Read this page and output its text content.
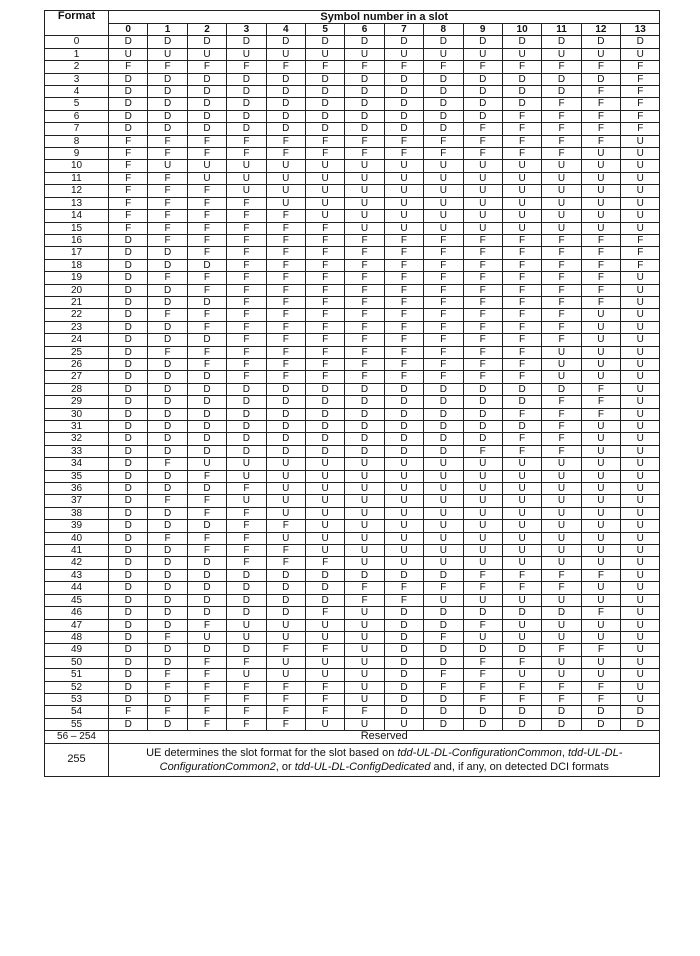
Format	Symbol number in a slot													
	0	1	2	3	4	5	6	7	8	9	10	11	12	13
0	D	D	D	D	D	D	D	D	D	D	D	D	D	D
1	U	U	U	U	U	U	U	U	U	U	U	U	U	U
2	F	F	F	F	F	F	F	F	F	F	F	F	F	F
3	D	D	D	D	D	D	D	D	D	D	D	D	D	F
4	D	D	D	D	D	D	D	D	D	D	D	D	F	F
5	D	D	D	D	D	D	D	D	D	D	D	F	F	F
6	D	D	D	D	D	D	D	D	D	D	F	F	F	F
7	D	D	D	D	D	D	D	D	D	F	F	F	F	F
8	F	F	F	F	F	F	F	F	F	F	F	F	F	U
9	F	F	F	F	F	F	F	F	F	F	F	F	U	U
10	F	U	U	U	U	U	U	U	U	U	U	U	U	U
11	F	F	U	U	U	U	U	U	U	U	U	U	U	U
12	F	F	F	U	U	U	U	U	U	U	U	U	U	U
13	F	F	F	F	U	U	U	U	U	U	U	U	U	U
14	F	F	F	F	F	U	U	U	U	U	U	U	U	U
15	F	F	F	F	F	F	U	U	U	U	U	U	U	U
16	D	F	F	F	F	F	F	F	F	F	F	F	F	F
17	D	D	F	F	F	F	F	F	F	F	F	F	F	F
18	D	D	D	F	F	F	F	F	F	F	F	F	F	F
19	D	F	F	F	F	F	F	F	F	F	F	F	F	U
20	D	D	F	F	F	F	F	F	F	F	F	F	F	U
21	D	D	D	F	F	F	F	F	F	F	F	F	F	U
22	D	F	F	F	F	F	F	F	F	F	F	F	U	U
23	D	D	F	F	F	F	F	F	F	F	F	F	U	U
24	D	D	D	F	F	F	F	F	F	F	F	F	U	U
25	D	F	F	F	F	F	F	F	F	F	F	U	U	U
26	D	D	F	F	F	F	F	F	F	F	F	U	U	U
27	D	D	D	F	F	F	F	F	F	F	F	U	U	U
28	D	D	D	D	D	D	D	D	D	D	D	D	F	U
29	D	D	D	D	D	D	D	D	D	D	D	F	F	U
30	D	D	D	D	D	D	D	D	D	D	F	F	F	U
31	D	D	D	D	D	D	D	D	D	D	D	F	U	U
32	D	D	D	D	D	D	D	D	D	D	F	F	U	U
33	D	D	D	D	D	D	D	D	D	F	F	F	U	U
34	D	F	U	U	U	U	U	U	U	U	U	U	U	U
35	D	D	F	U	U	U	U	U	U	U	U	U	U	U
36	D	D	D	F	U	U	U	U	U	U	U	U	U	U
37	D	F	F	U	U	U	U	U	U	U	U	U	U	U
38	D	D	F	F	U	U	U	U	U	U	U	U	U	U
39	D	D	D	F	F	U	U	U	U	U	U	U	U	U
40	D	F	F	F	U	U	U	U	U	U	U	U	U	U
41	D	D	F	F	F	U	U	U	U	U	U	U	U	U
42	D	D	D	F	F	F	U	U	U	U	U	U	U	U
43	D	D	D	D	D	D	D	D	D	F	F	F	F	U
44	D	D	D	D	D	D	F	F	F	F	F	F	U	U
45	D	D	D	D	D	D	F	F	U	U	U	U	U	U
46	D	D	D	D	D	F	U	D	D	D	D	D	F	U
47	D	D	F	U	U	U	U	D	D	F	U	U	U	U
48	D	F	U	U	U	U	U	D	F	U	U	U	U	U
49	D	D	D	D	F	F	U	D	D	D	D	F	F	U
50	D	D	F	F	U	U	U	D	D	F	F	U	U	U
51	D	F	F	U	U	U	U	D	F	F	U	U	U	U
52	D	F	F	F	F	F	U	D	F	F	F	F	F	U
53	D	D	F	F	F	F	U	D	D	F	F	F	F	U
54	F	F	F	F	F	F	F	D	D	D	D	D	D	D
55	D	D	F	F	F	U	U	U	D	D	D	D	D	D
56 – 254	Reserved													
255	UE determines the slot format for the slot based on tdd-UL-DL-ConfigurationCommon, tdd-UL-DL-ConfigurationCommon2, or tdd-UL-DL-ConfigDedicated and, if any, on detected DCI formats													
